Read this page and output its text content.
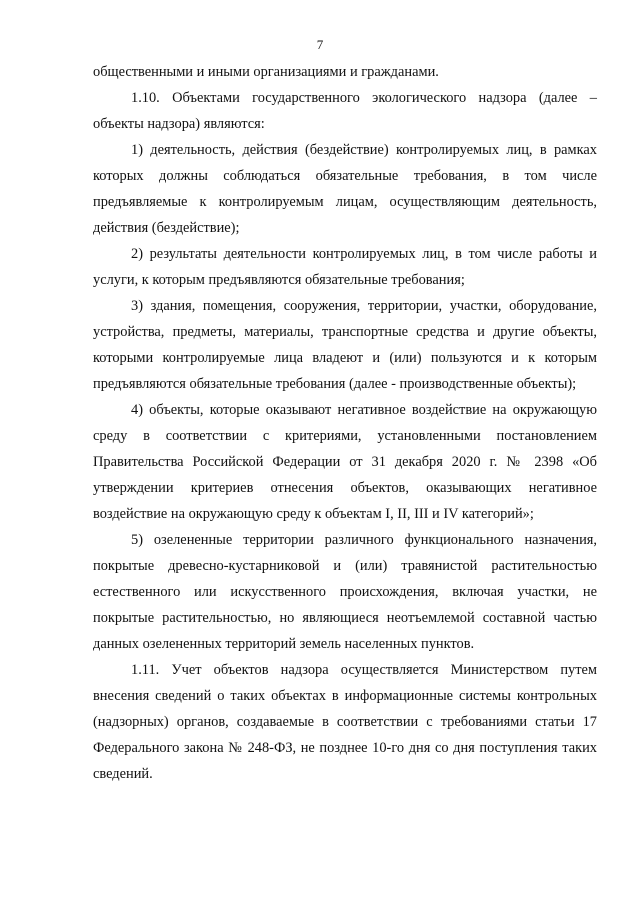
7

общественными и иными организациями и гражданами.

1.10. Объектами государственного экологического надзора (далее – объекты надзора) являются:

1) деятельность, действия (бездействие) контролируемых лиц, в рамках которых должны соблюдаться обязательные требования, в том числе предъявляемые к контролируемым лицам, осуществляющим деятельность, действия (бездействие);

2) результаты деятельности контролируемых лиц, в том числе работы и услуги, к которым предъявляются обязательные требования;

3) здания, помещения, сооружения, территории, участки, оборудование, устройства, предметы, материалы, транспортные средства и другие объекты, которыми контролируемые лица владеют и (или) пользуются и к которым предъявляются обязательные требования (далее - производственные объекты);

4) объекты, которые оказывают негативное воздействие на окружающую среду в соответствии с критериями, установленными постановлением Правительства Российской Федерации от 31 декабря 2020 г. № 2398 «Об утверждении критериев отнесения объектов, оказывающих негативное воздействие на окружающую среду к объектам I, II, III и IV категорий»;

5) озелененные территории различного функционального назначения, покрытые древесно-кустарниковой и (или) травянистой растительностью естественного или искусственного происхождения, включая участки, не покрытые растительностью, но являющиеся неотъемлемой составной частью данных озелененных территорий земель населенных пунктов.

1.11. Учет объектов надзора осуществляется Министерством путем внесения сведений о таких объектах в информационные системы контрольных (надзорных) органов, создаваемые в соответствии с требованиями статьи 17 Федерального закона № 248-ФЗ, не позднее 10-го дня со дня поступления таких сведений.
